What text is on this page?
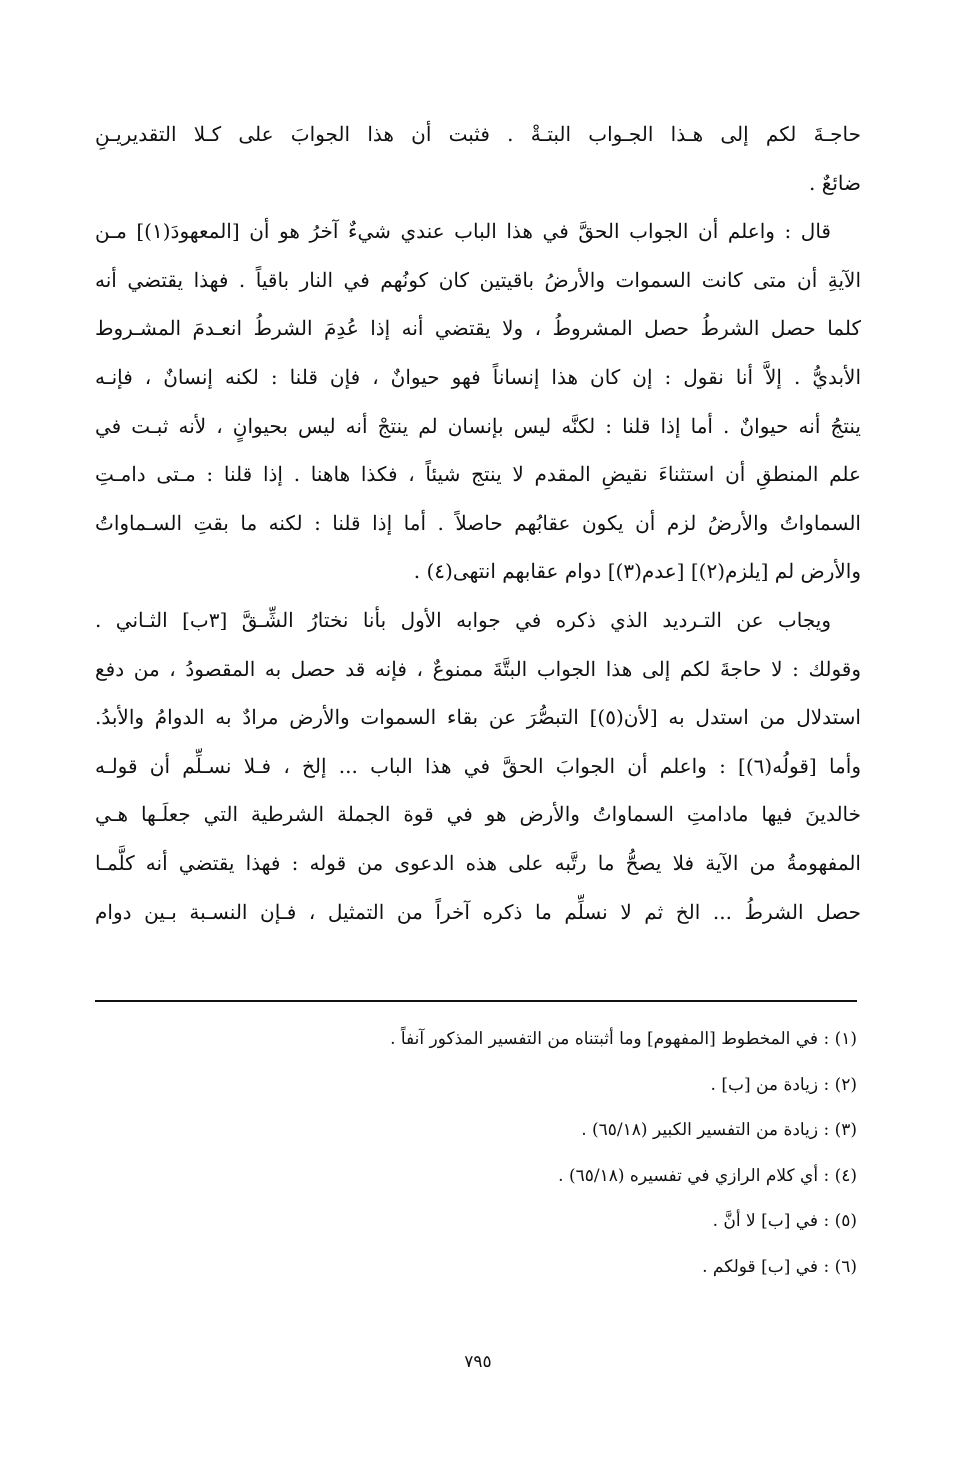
حاجـةَ لكم إلى هـذا الجـواب البتـةْ . فثبت أن هذا الجوابَ على كـلا التقديريـنِ
ضائعٌ .
قال : واعلم أن الجواب الحقَّ في هذا الباب عندي شيءٌ آخرُ هو أن [المعهودَ(١)] مـن
الآيةِ أن متى كانت السموات والأرضُ باقيتين كان كونُهم في النار باقياً . فهذا يقتضي أنه
كلما حصل الشرطُ حصل المشروطُ ، ولا يقتضي أنه إذا عُدِمَ الشرطُ انعـدمَ المشـروط
الأبديُّ . إلاَّ أنا نقول : إن كان هذا إنساناً فهو حيوانٌ ، فإن قلنا : لكنه إنسانٌ ، فإنـه
ينتجُ أنه حيوانٌ . أما إذا قلنا : لكنَّه ليس بإنسان لم ينتجْ أنه ليس بحيوانٍ ، لأنه ثبـت في
علم المنطقِ أن استثناءَ نقيضِ المقدم لا ينتج شيئاً ، فكذا هاهنا . إذا قلنا : مـتى دامـتِ
السماواتُ والأرضُ لزم أن يكون عقابُهم حاصلاً . أما إذا قلنا : لكنه ما بقتِ السـماواتُ
والأرض لم [يلزم(٢)] [عدم(٣)] دوام عقابهم انتهى(٤) .
ويجاب عن التـرديد الذي ذكره في جوابه الأول بأنا نختارُ الشِّـقَّ [٣ب] الثـاني .
وقولك : لا حاجةَ لكم إلى هذا الجواب البتَّةَ ممنوعٌ ، فإنه قد حصل به المقصودُ ، من دفع
استدلال من استدل به [لأن(٥)] التبصُّرَ عن بقاء السموات والأرض مرادٌ به الدوامُ والأبدُ.
وأما [قولُه(٦)] : واعلم أن الجوابَ الحقَّ في هذا الباب ... إلخ ، فـلا نسـلِّم أن قولـه
خالدينَ فيها مادامتِ السماواتُ والأرض هو في قوة الجملة الشرطية التي جعلَـها هـي
المفهومةُ من الآية فلا يصحُّ ما رتَّبه على هذه الدعوى من قوله : فهذا يقتضي أنه كلَّمـا
حصل الشرطُ ... الخ ثم لا نسلِّم ما ذكره آخراً من التمثيل ، فـإن النسـبة بـين دوام
(١) : في المخطوط [المفهوم] وما أثبتناه من التفسير المذكور آنفاً .
(٢) : زيادة من [ب] .
(٣) : زيادة من التفسير الكبير (٦٥/١٨) .
(٤) : أي كلام الرازي في تفسيره (٦٥/١٨) .
(٥) : في [ب] لا أنَّ .
(٦) : في [ب] قولكم .
٧٩٥
